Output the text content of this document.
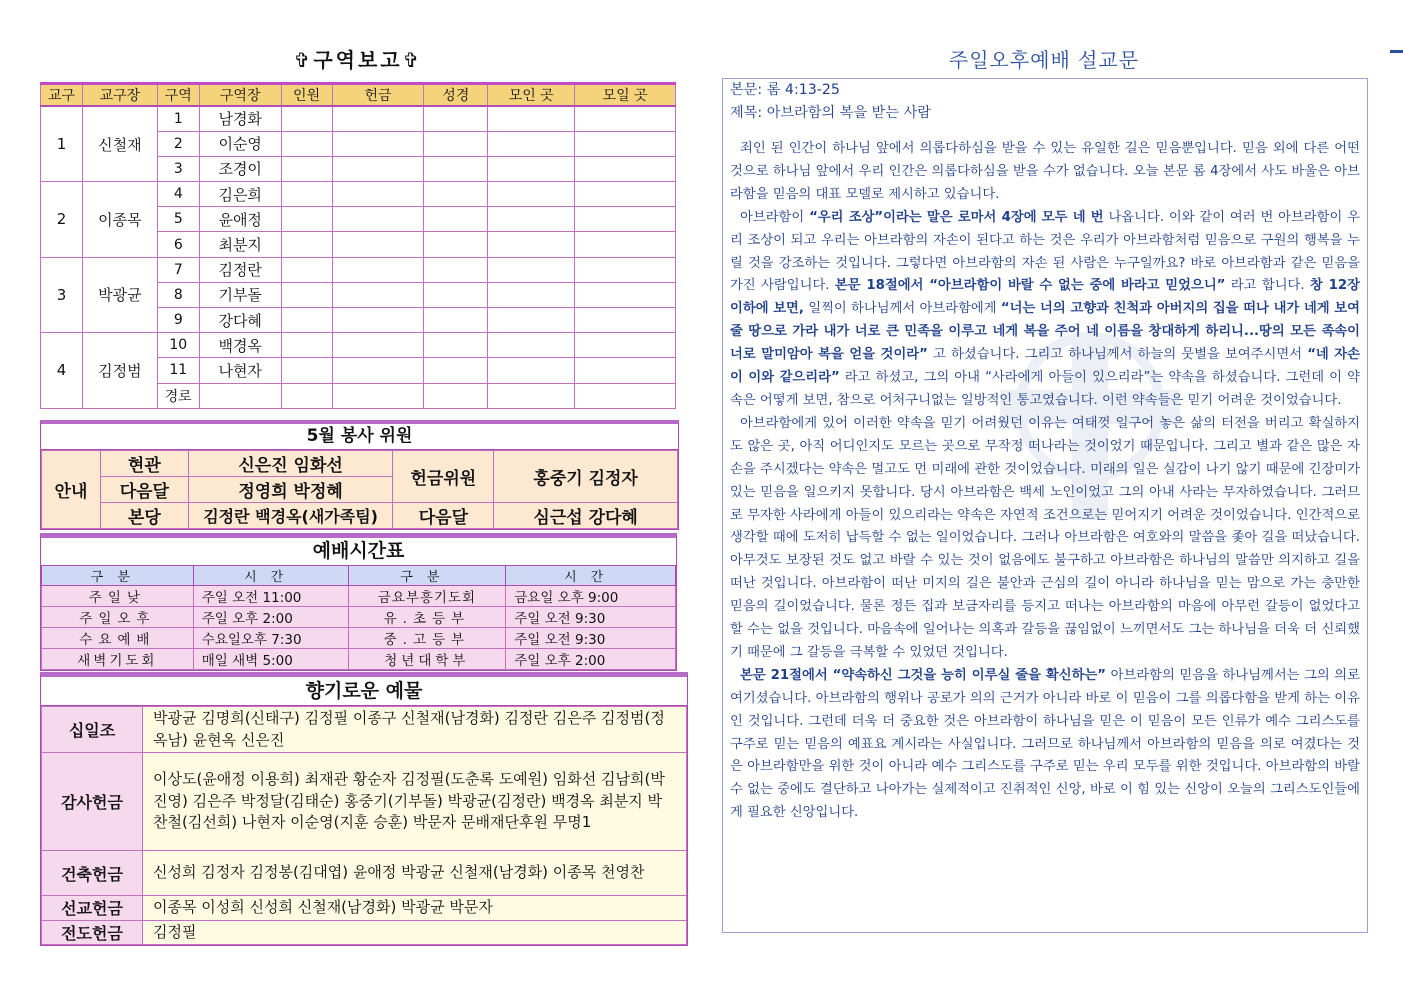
✞구역보고✞
교구	교구장	구역	구역장	인원	헌금	성경	모인 곳	모일 곳
1	신철재	1	남경화					
		2	이순영					
		3	조경이					
2	이종목	4	김은희					
		5	윤애정					
		6	최분지					
3	박광균	7	김정란					
		8	기부돌					
		9	강다혜					
4	김정범	10	백경옥					
		11	나현자					
		경로						
5월 봉사 위원
안내	현관	신은진 임화선	헌금위원	홍중기 김정자
	다음달	정영희 박정혜		
	본당	김정란 백경옥(새가족팀)	다음달	심근섭 강다혜
예배시간표
구분	시간	구분	시간
주일낮	주일 오전 11:00	금요부흥기도회	금요일 오후 9:00
주일오후	주일 오후 2:00	유.초등부	주일 오전 9:30
수요예배	수요일오후 7:30	중.고등부	주일 오전 9:30
새벽기도회	매일 새벽 5:00	청년대학부	주일 오후 2:00
향기로운 예물
십일조	박광균 김명희(신태구) 김정필 이종구 신철재(남경화) 김정란 김은주 김정범(정옥남) 윤현옥 신은진
감사헌금	이상도(윤애정 이용희) 최재관 황순자 김정필(도춘록 도예원) 임화선 김남희(박진영) 김은주 박정달(김태순) 홍중기(기부돌) 박광균(김정란) 백경옥 최분지 박찬철(김선희) 나현자 이순영(지훈 승훈) 박문자 문배재단후원 무명1
건축헌금	신성희 김정자 김정봉(김대엽) 윤애정 박광균 신철재(남경화) 이종목 천영찬
선교헌금	이종목 이성희 신성희 신철재(남경화) 박광균 박문자
전도헌금	김정필
주일오후예배 설교문
본문: 롬 4:13-25
제목: 아브라함의 복을 받는 사람
죄인 된 인간이 하나님 앞에서 의롭다하심을 받을 수 있는 유일한 길은 믿음뿐입니다. 믿음 외에 다른 어떤 것으로 하나님 앞에서 우리 인간은 의롭다하심을 받을 수가 없습니다. 오늘 본문 롬 4장에서 사도 바울은 아브라함을 믿음의 대표 모델로 제시하고 있습니다.
아브라함이 “우리 조상”이라는 말은 로마서 4장에 모두 네 번 나옵니다. 이와 같이 여러 번 아브라함이 우리 조상이 되고 우리는 아브라함의 자손이 된다고 하는 것은 우리가 아브라함처럼 믿음으로 구원의 행복을 누릴 것을 강조하는 것입니다. 그렇다면 아브라함의 자손 된 사람은 누구일까요? 바로 아브라함과 같은 믿음을 가진 사람입니다. 본문 18절에서 “아브라함이 바랄 수 없는 중에 바라고 믿었으니” 라고 합니다. 창 12장 이하에 보면, 일찍이 하나님께서 아브라함에게 “너는 너의 고향과 친척과 아버지의 집을 떠나 내가 네게 보여 줄 땅으로 가라 내가 너로 큰 민족을 이루고 네게 복을 주어 네 이름을 창대하게 하리니...땅의 모든 족속이 너로 말미암아 복을 얻을 것이라” 고 하셨습니다. 그리고 하나님께서 하늘의 뭇별을 보여주시면서 “네 자손이 이와 같으리라” 라고 하셨고, 그의 아내 “사라에게 아들이 있으리라”는 약속을 하셨습니다. 그런데 이 약속은 어떻게 보면, 참으로 어처구니없는 일방적인 통고였습니다. 이런 약속들은 믿기 어려운 것이었습니다.
아브라함에게 있어 이러한 약속을 믿기 어려웠던 이유는 여태껏 일구어 놓은 삶의 터전을 버리고 확실하지도 않은 곳, 아직 어디인지도 모르는 곳으로 무작정 떠나라는 것이었기 때문입니다. 그리고 별과 같은 많은 자손을 주시겠다는 약속은 멀고도 먼 미래에 관한 것이었습니다. 미래의 일은 실감이 나기 않기 때문에 긴장미가 있는 믿음을 일으키지 못합니다. 당시 아브라함은 백세 노인이었고 그의 아내 사라는 무자하였습니다. 그러므로 무자한 사라에게 아들이 있으리라는 약속은 자연적 조건으로는 믿어지기 어려운 것이었습니다. 인간적으로 생각할 때에 도저히 납득할 수 없는 일이었습니다. 그러나 아브라함은 여호와의 말씀을 좇아 길을 떠났습니다. 아무것도 보장된 것도 없고 바랄 수 있는 것이 없음에도 불구하고 아브라함은 하나님의 말씀만 의지하고 길을 떠난 것입니다. 아브라함이 떠난 미지의 길은 불안과 근심의 길이 아니라 하나님을 믿는 맘으로 가는 충만한 믿음의 길이었습니다. 물론 정든 집과 보금자리를 등지고 떠나는 아브라함의 마음에 아무런 갈등이 없었다고 할 수는 없을 것입니다. 마음속에 일어나는 의혹과 갈등을 끊임없이 느끼면서도 그는 하나님을 더욱 더 신뢰했기 때문에 그 갈등을 극복할 수 있었던 것입니다.
본문 21절에서 “약속하신 그것을 능히 이루실 줄을 확신하는” 아브라함의 믿음을 하나님께서는 그의 의로 여기셨습니다. 아브라함의 행위나 공로가 의의 근거가 아니라 바로 이 믿음이 그를 의롭다함을 받게 하는 이유인 것입니다. 그런데 더욱 더 중요한 것은 아브라함이 하나님을 믿은 이 믿음이 모든 인류가 예수 그리스도를 구주로 믿는 믿음의 예표요 계시라는 사실입니다. 그러므로 하나님께서 아브라함의 믿음을 의로 여겼다는 것은 아브라함만을 위한 것이 아니라 예수 그리스도를 구주로 믿는 우리 모두를 위한 것입니다. 아브라함의 바랄 수 없는 중에도 결단하고 나아가는 실제적이고 진취적인 신앙, 바로 이 힘 있는 신앙이 오늘의 그리스도인들에게 필요한 신앙입니다.
